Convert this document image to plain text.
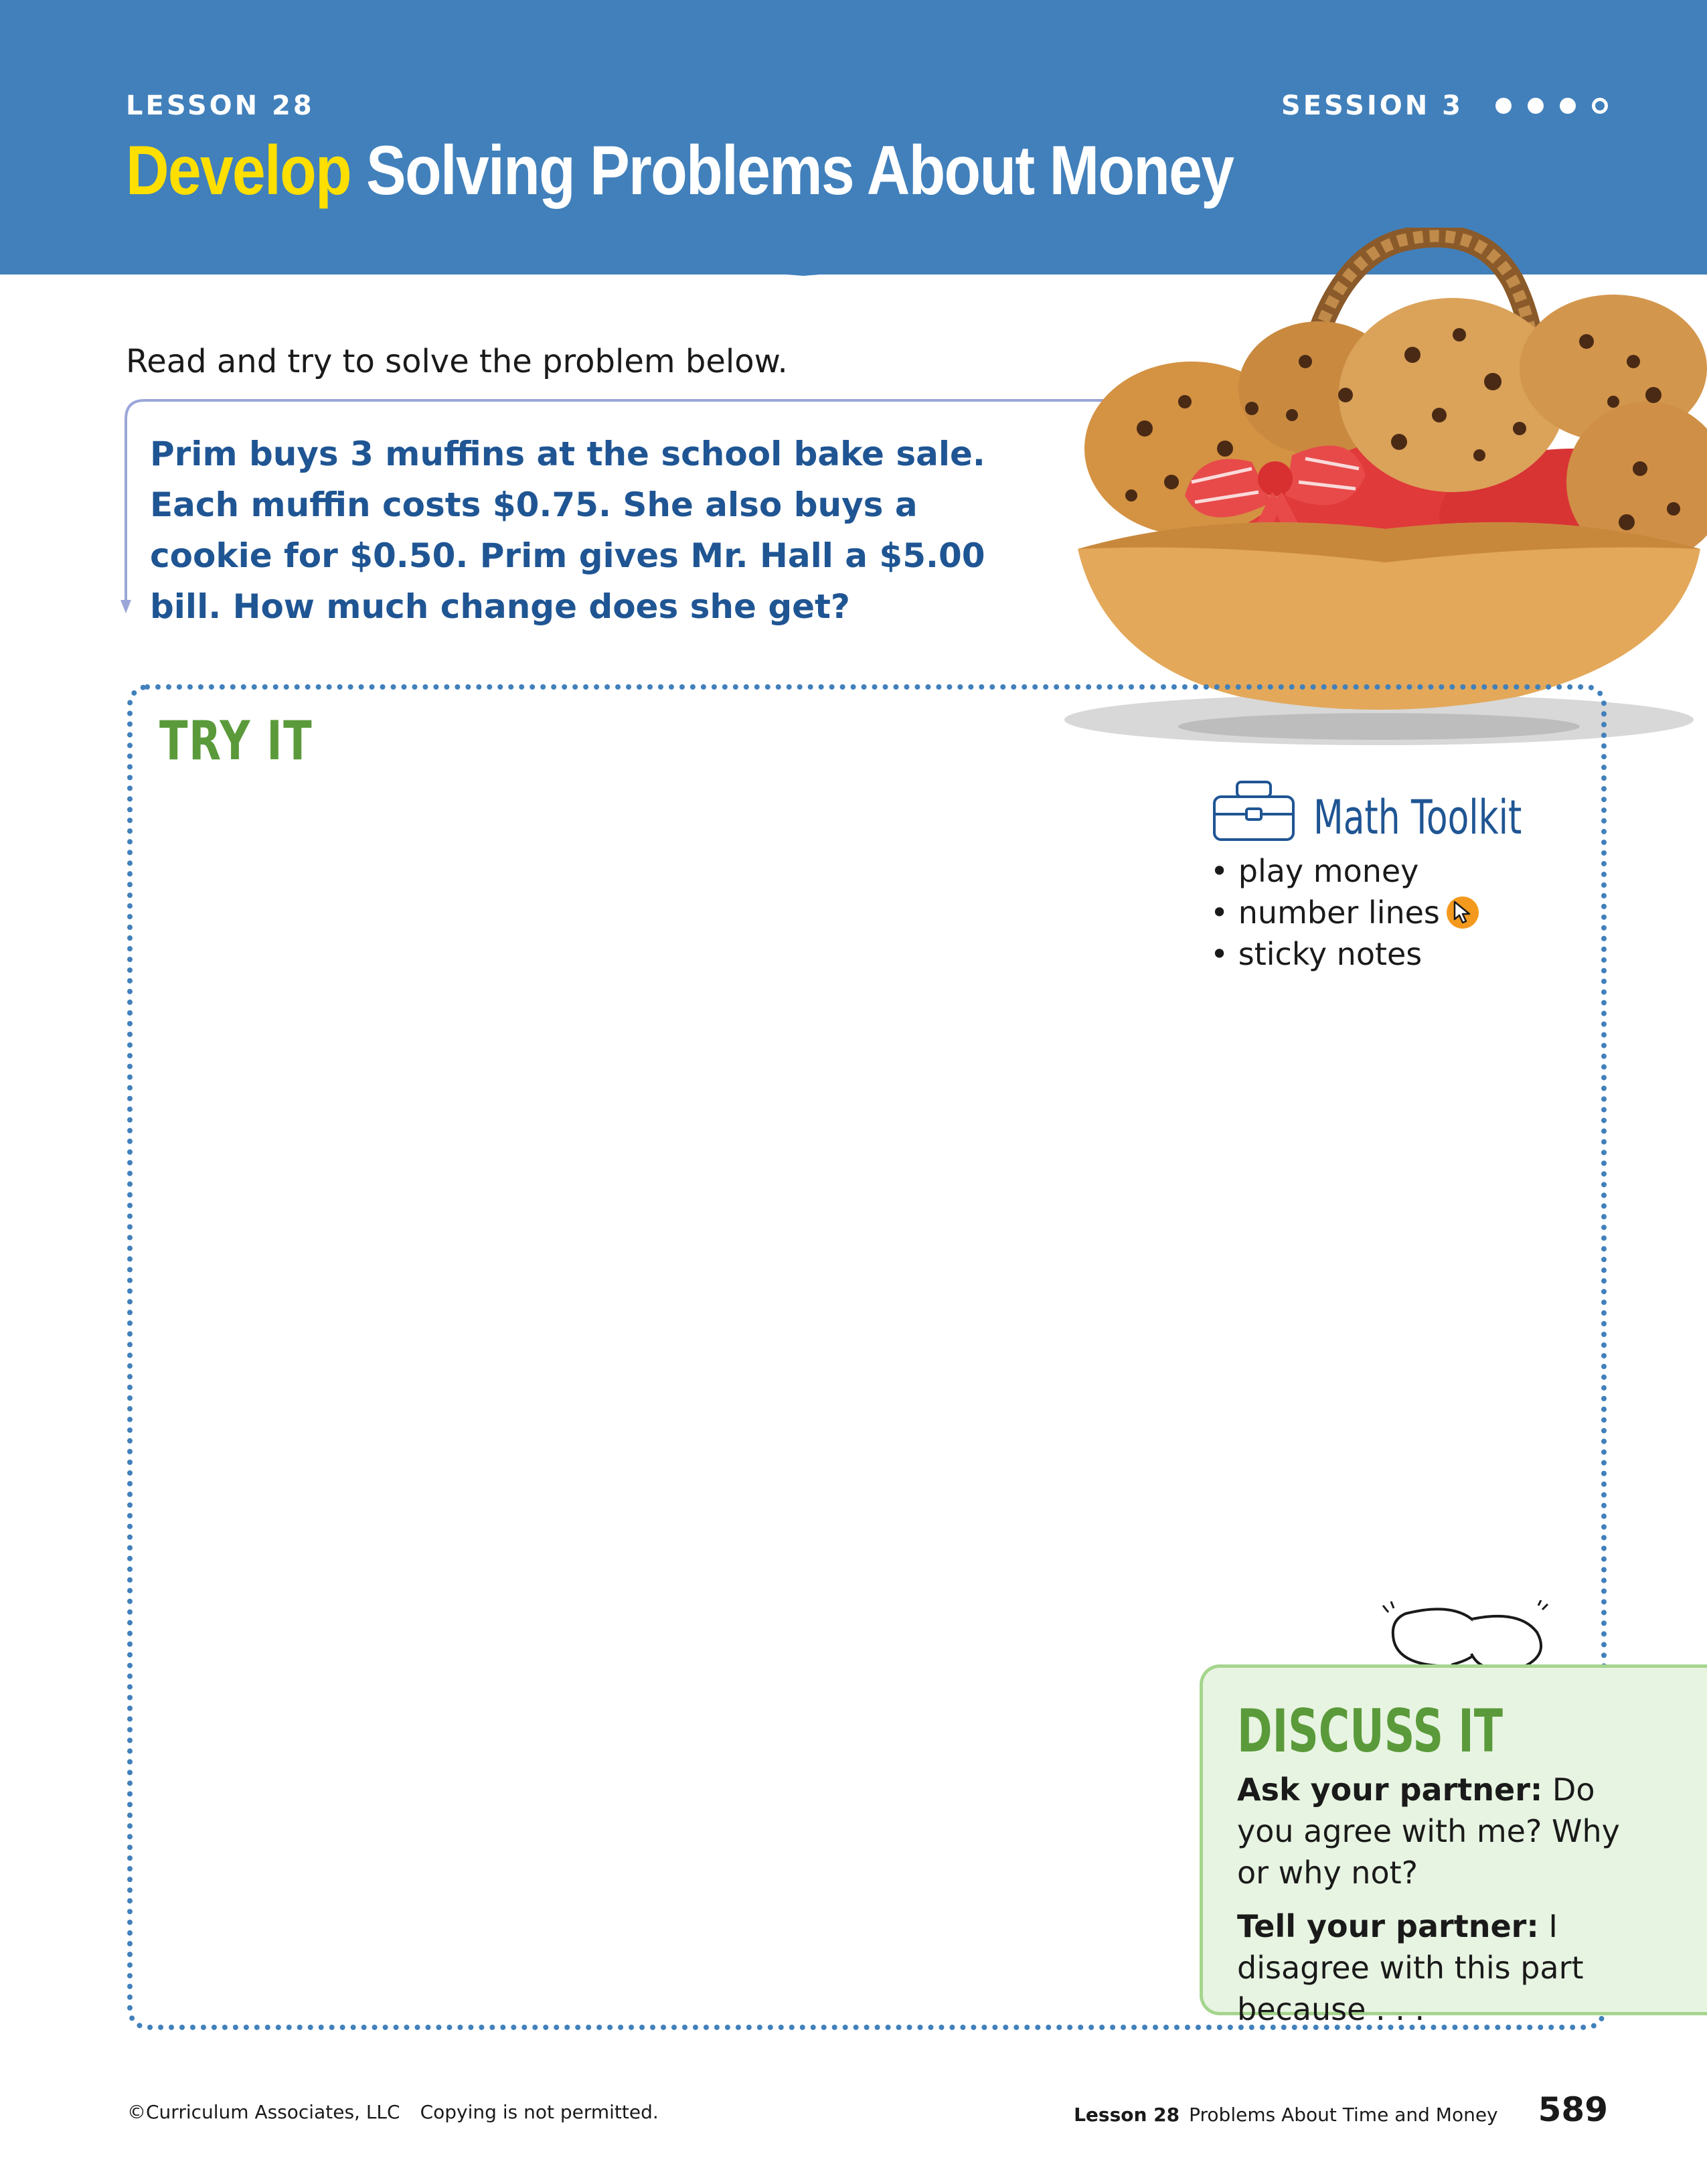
LESSON 28	SESSION 3
Develop Solving Problems About Money
Read and try to solve the problem below.
Prim buys 3 muffins at the school bake sale. Each muffin costs $0.75. She also buys a cookie for $0.50. Prim gives Mr. Hall a $5.00 bill. How much change does she get?
TRY IT
Math Toolkit
• play money
• number lines
• sticky notes
DISCUSS IT

Ask your partner: Do you agree with me? Why or why not?

Tell your partner: I disagree with this part because . . .

©Curriculum Associates, LLC Copying is not permitted.	Lesson 28 Problems About Time and Money 589
